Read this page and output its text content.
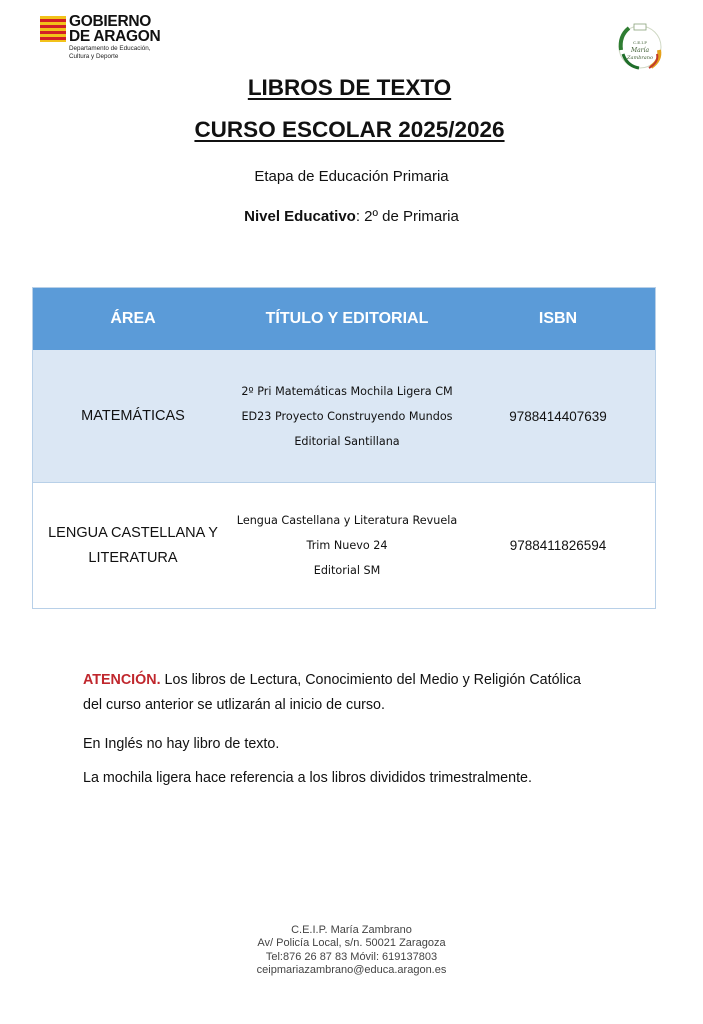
GOBIERNO
DE ARAGON
Departamento de Educación,
Cultura y Deporte
C.E.I.P
María
Zambrano
LIBROS DE TEXTO
CURSO ESCOLAR 2025/2026
Etapa de Educación Primaria
Nivel Educativo: 2º de Primaria
ÁREA	TÍTULO Y EDITORIAL	ISBN
MATEMÁTICAS
2º Pri Matemáticas Mochila Ligera CM
ED23 Proyecto Construyendo Mundos
Editorial Santillana
9788414407639
LENGUA CASTELLANA Y
LITERATURA
Lengua Castellana y Literatura Revuela
Trim Nuevo 24
Editorial SM
9788411826594
ATENCIÓN. Los libros de Lectura, Conocimiento del Medio y Religión Católica
del curso anterior se utlizarán al inicio de curso.
En Inglés no hay libro de texto.
La mochila ligera hace referencia a los libros divididos trimestralmente.
C.E.I.P. María Zambrano
Av/ Policía Local, s/n. 50021 Zaragoza
Tel:876 26 87 83 Móvil: 619137803
ceipmariazambrano@educa.aragon.es
